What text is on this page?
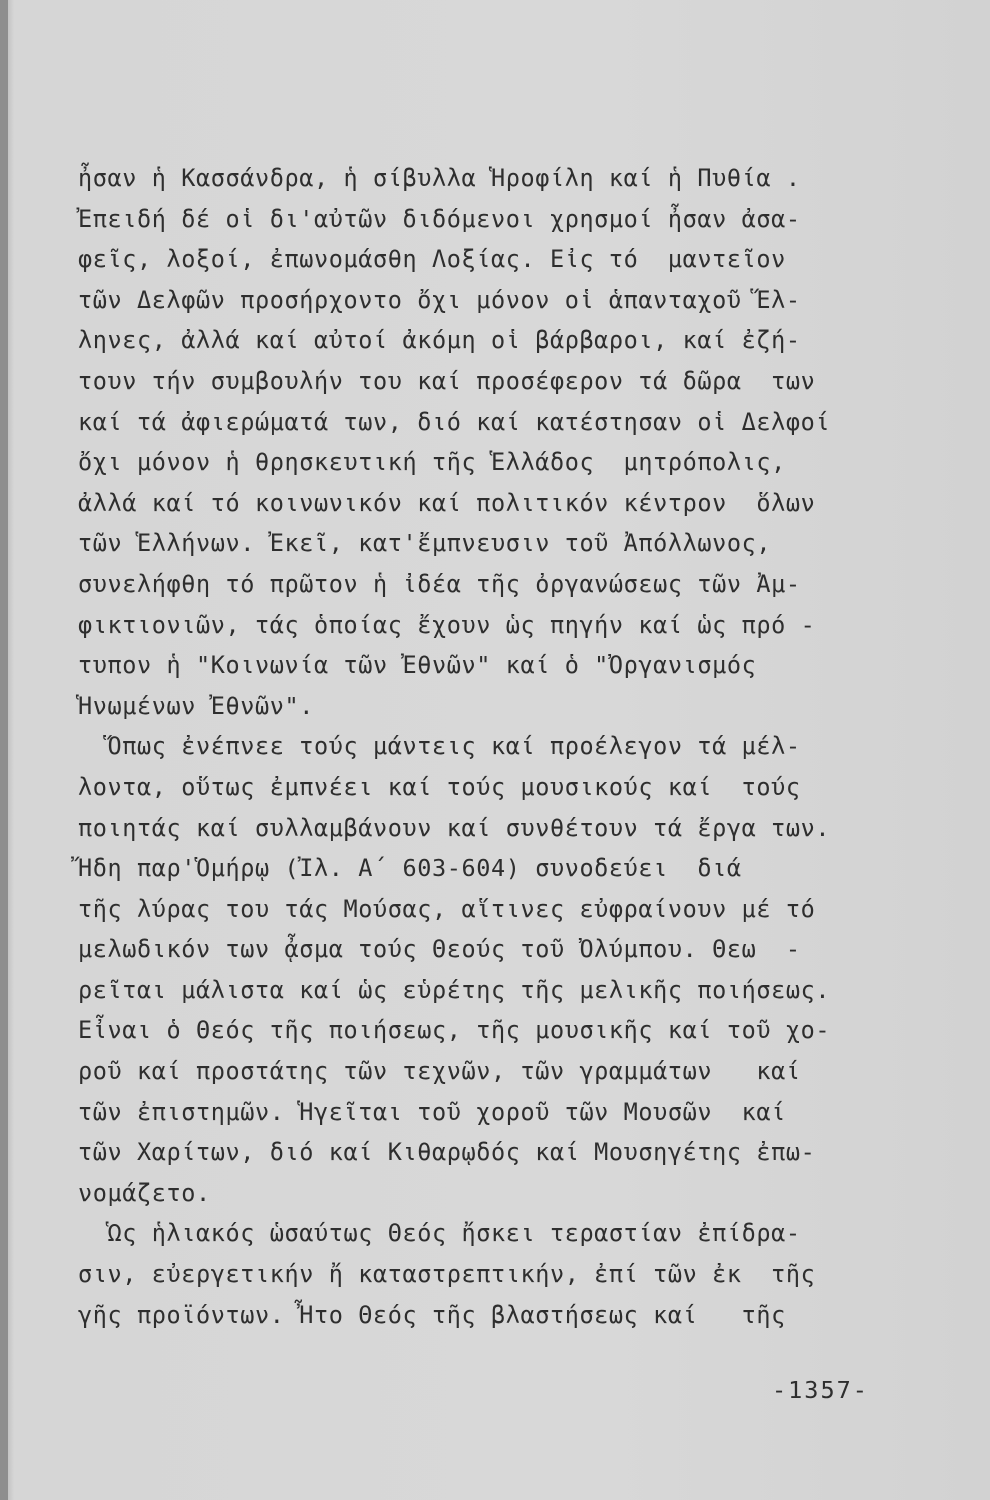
ἦσαν ἡ Κασσάνδρα, ἡ σίβυλλα Ἡροφίλη καί ἡ Πυθία .
Ἐπειδή δέ οἱ δι'αὐτῶν διδόμενοι χρησμοί ἦσαν ἀσα-
φεῖς, λοξοί, ἐπωνομάσθη Λοξίας. Εἰς τό  μαντεῖον
τῶν Δελφῶν προσήρχοντο ὄχι μόνον οἱ ἁπανταχοῦ Ἕλ-
ληνες, ἀλλά καί αὐτοί ἀκόμη οἱ βάρβαροι, καί ἐζή-
τουν τήν συμβουλήν του καί προσέφερον τά δῶρα  των
καί τά ἀφιερώματά των, διό καί κατέστησαν οἱ Δελφοί
ὄχι μόνον ἡ θρησκευτική τῆς Ἑλλάδος  μητρόπολις,
ἀλλά καί τό κοινωνικόν καί πολιτικόν κέντρον  ὅλων
τῶν Ἑλλήνων. Ἐκεῖ, κατ'ἔμπνευσιν τοῦ Ἀπόλλωνος,
συνελήφθη τό πρῶτον ἡ ἰδέα τῆς ὀργανώσεως τῶν Ἀμ-
φικτιονιῶν, τάς ὁποίας ἔχουν ὡς πηγήν καί ὡς πρό -
τυπον ἡ "Κοινωνία τῶν Ἐθνῶν" καί ὁ "Ὀργανισμός
Ἡνωμένων Ἐθνῶν".
Ὅπως ἐνέπνεε τούς μάντεις καί προέλεγον τά μέλ-
λοντα, οὕτως ἐμπνέει καί τούς μουσικούς καί  τούς
ποιητάς καί συλλαμβάνουν καί συνθέτουν τά ἔργα των.
Ἤδη παρ'Ὁμήρῳ (Ἰλ. Α΄ 603-604) συνοδεύει  διά
τῆς λύρας του τάς Μούσας, αἵτινες εὐφραίνουν μέ τό
μελωδικόν των ᾆσμα τούς Θεούς τοῦ Ὀλύμπου. Θεω  -
ρεῖται μάλιστα καί ὡς εὑρέτης τῆς μελικῆς ποιήσεως.
Εἶναι ὁ Θεός τῆς ποιήσεως, τῆς μουσικῆς καί τοῦ χο-
ροῦ καί προστάτης τῶν τεχνῶν, τῶν γραμμάτων   καί
τῶν ἐπιστημῶν. Ἡγεῖται τοῦ χοροῦ τῶν Μουσῶν  καί
τῶν Χαρίτων, διό καί Κιθαρῳδός καί Μουσηγέτης ἐπω-
νομάζετο.
Ὡς ἡλιακός ὡσαύτως Θεός ἤσκει τεραστίαν ἐπίδρα-
σιν, εὐεργετικήν ἤ καταστρεπτικήν, ἐπί τῶν ἐκ  τῆς
γῆς προϊόντων. Ἦτο Θεός τῆς βλαστήσεως καί   τῆς
-1357-
